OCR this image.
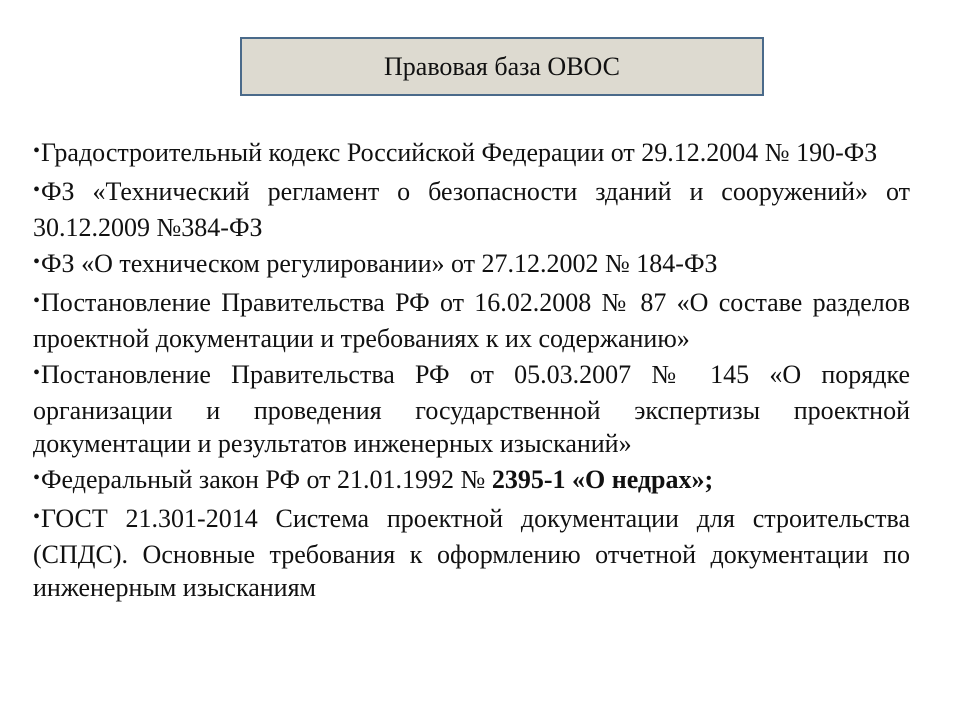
Правовая база ОВОС
•Градостроительный кодекс Российской Федерации от 29.12.2004 № 190-ФЗ
•ФЗ «Технический регламент о безопасности зданий и сооружений» от 30.12.2009 №384-ФЗ
•ФЗ «О техническом регулировании» от 27.12.2002 № 184-ФЗ
•Постановление Правительства РФ от 16.02.2008 № 87 «О составе разделов проектной документации и требованиях к их содержанию»
•Постановление Правительства РФ от 05.03.2007 № 145 «О порядке организации и проведения государственной экспертизы проектной документации и результатов инженерных изысканий»
•Федеральный закон РФ от 21.01.1992 № 2395-1 «О недрах»;
•ГОСТ 21.301-2014 Система проектной документации для строительства (СПДС). Основные требования к оформлению отчетной документации по инженерным изысканиям
